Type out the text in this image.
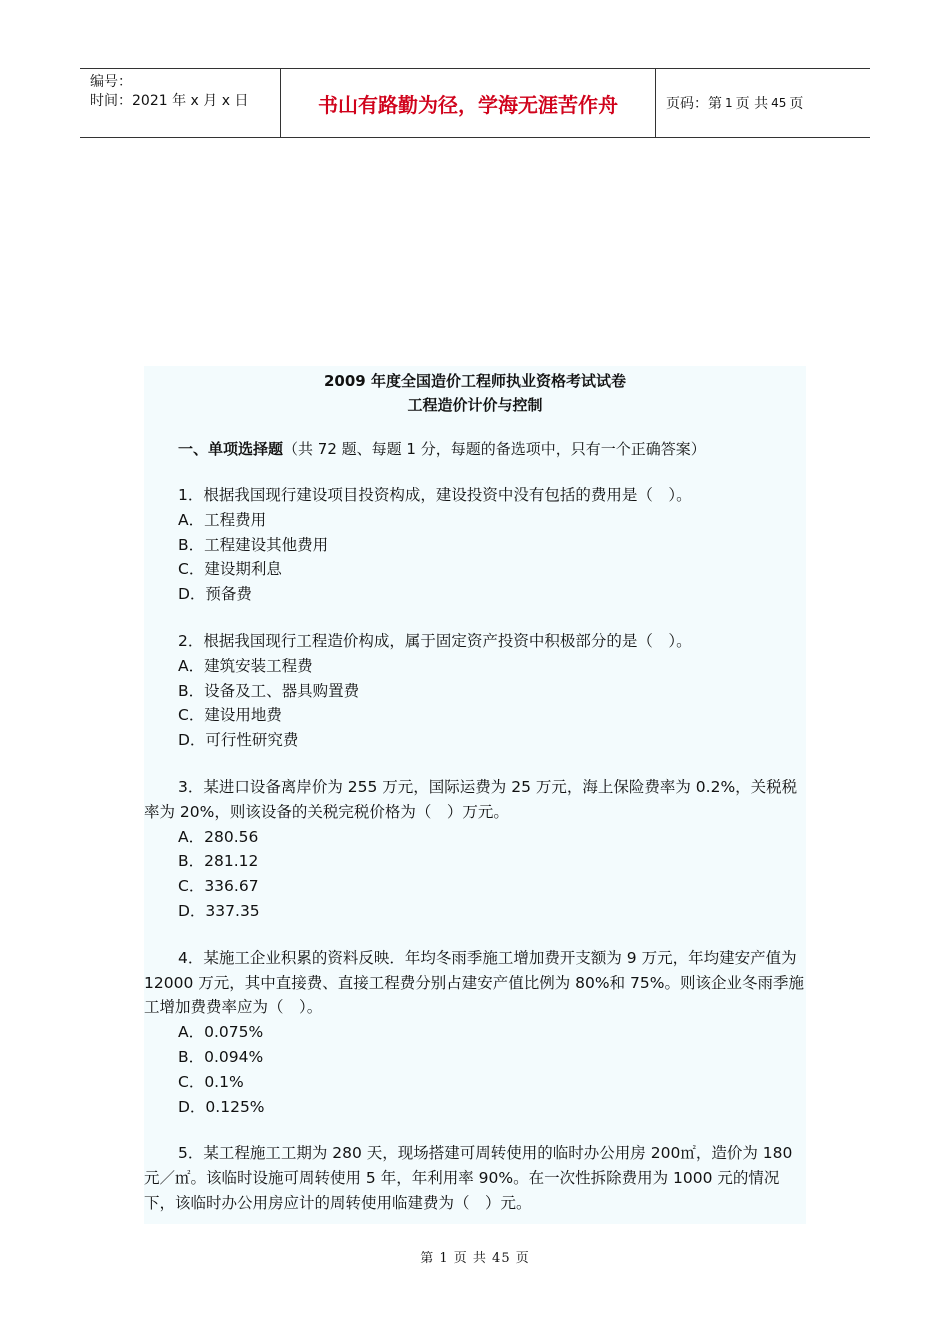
编号：
时间：2021 年 x 月 x 日	书山有路勤为径，学海无涯苦作舟	页码：第 1 页 共 45 页
2009 年度全国造价工程师执业资格考试试卷
工程造价计价与控制
一、单项选择题（共 72 题、每题 1 分，每题的备选项中，只有一个正确答案）

1．根据我国现行建设项目投资构成，建设投资中没有包括的费用是（　）。

A．工程费用

B．工程建设其他费用

C．建设期利息

D．预备费

2．根据我国现行工程造价构成，属于固定资产投资中积极部分的是（　）。

A．建筑安装工程费

B．设备及工、器具购置费

C．建设用地费

D．可行性研究费

3．某进口设备离岸价为 255 万元，国际运费为 25 万元，海上保险费率为 0.2%，关税税率为 20%，则该设备的关税完税价格为（　）万元。

A．280.56

B．281.12

C．336.67

D．337.35

4．某施工企业积累的资料反映．年均冬雨季施工增加费开支额为 9 万元，年均建安产值为 12000 万元，其中直接费、直接工程费分别占建安产值比例为 80%和 75%。则该企业冬雨季施工增加费费率应为（　）。

A．0.075%

B．0.094%

C．0.1%

D．0.125%

5．某工程施工工期为 280 天，现场搭建可周转使用的临时办公用房 200㎡，造价为 180 元／㎡。该临时设施可周转使用 5 年，年利用率 90%。在一次性拆除费用为 1000 元的情况下，该临时办公用房应计的周转使用临建费为（　）元。

第 1 页 共 45 页
